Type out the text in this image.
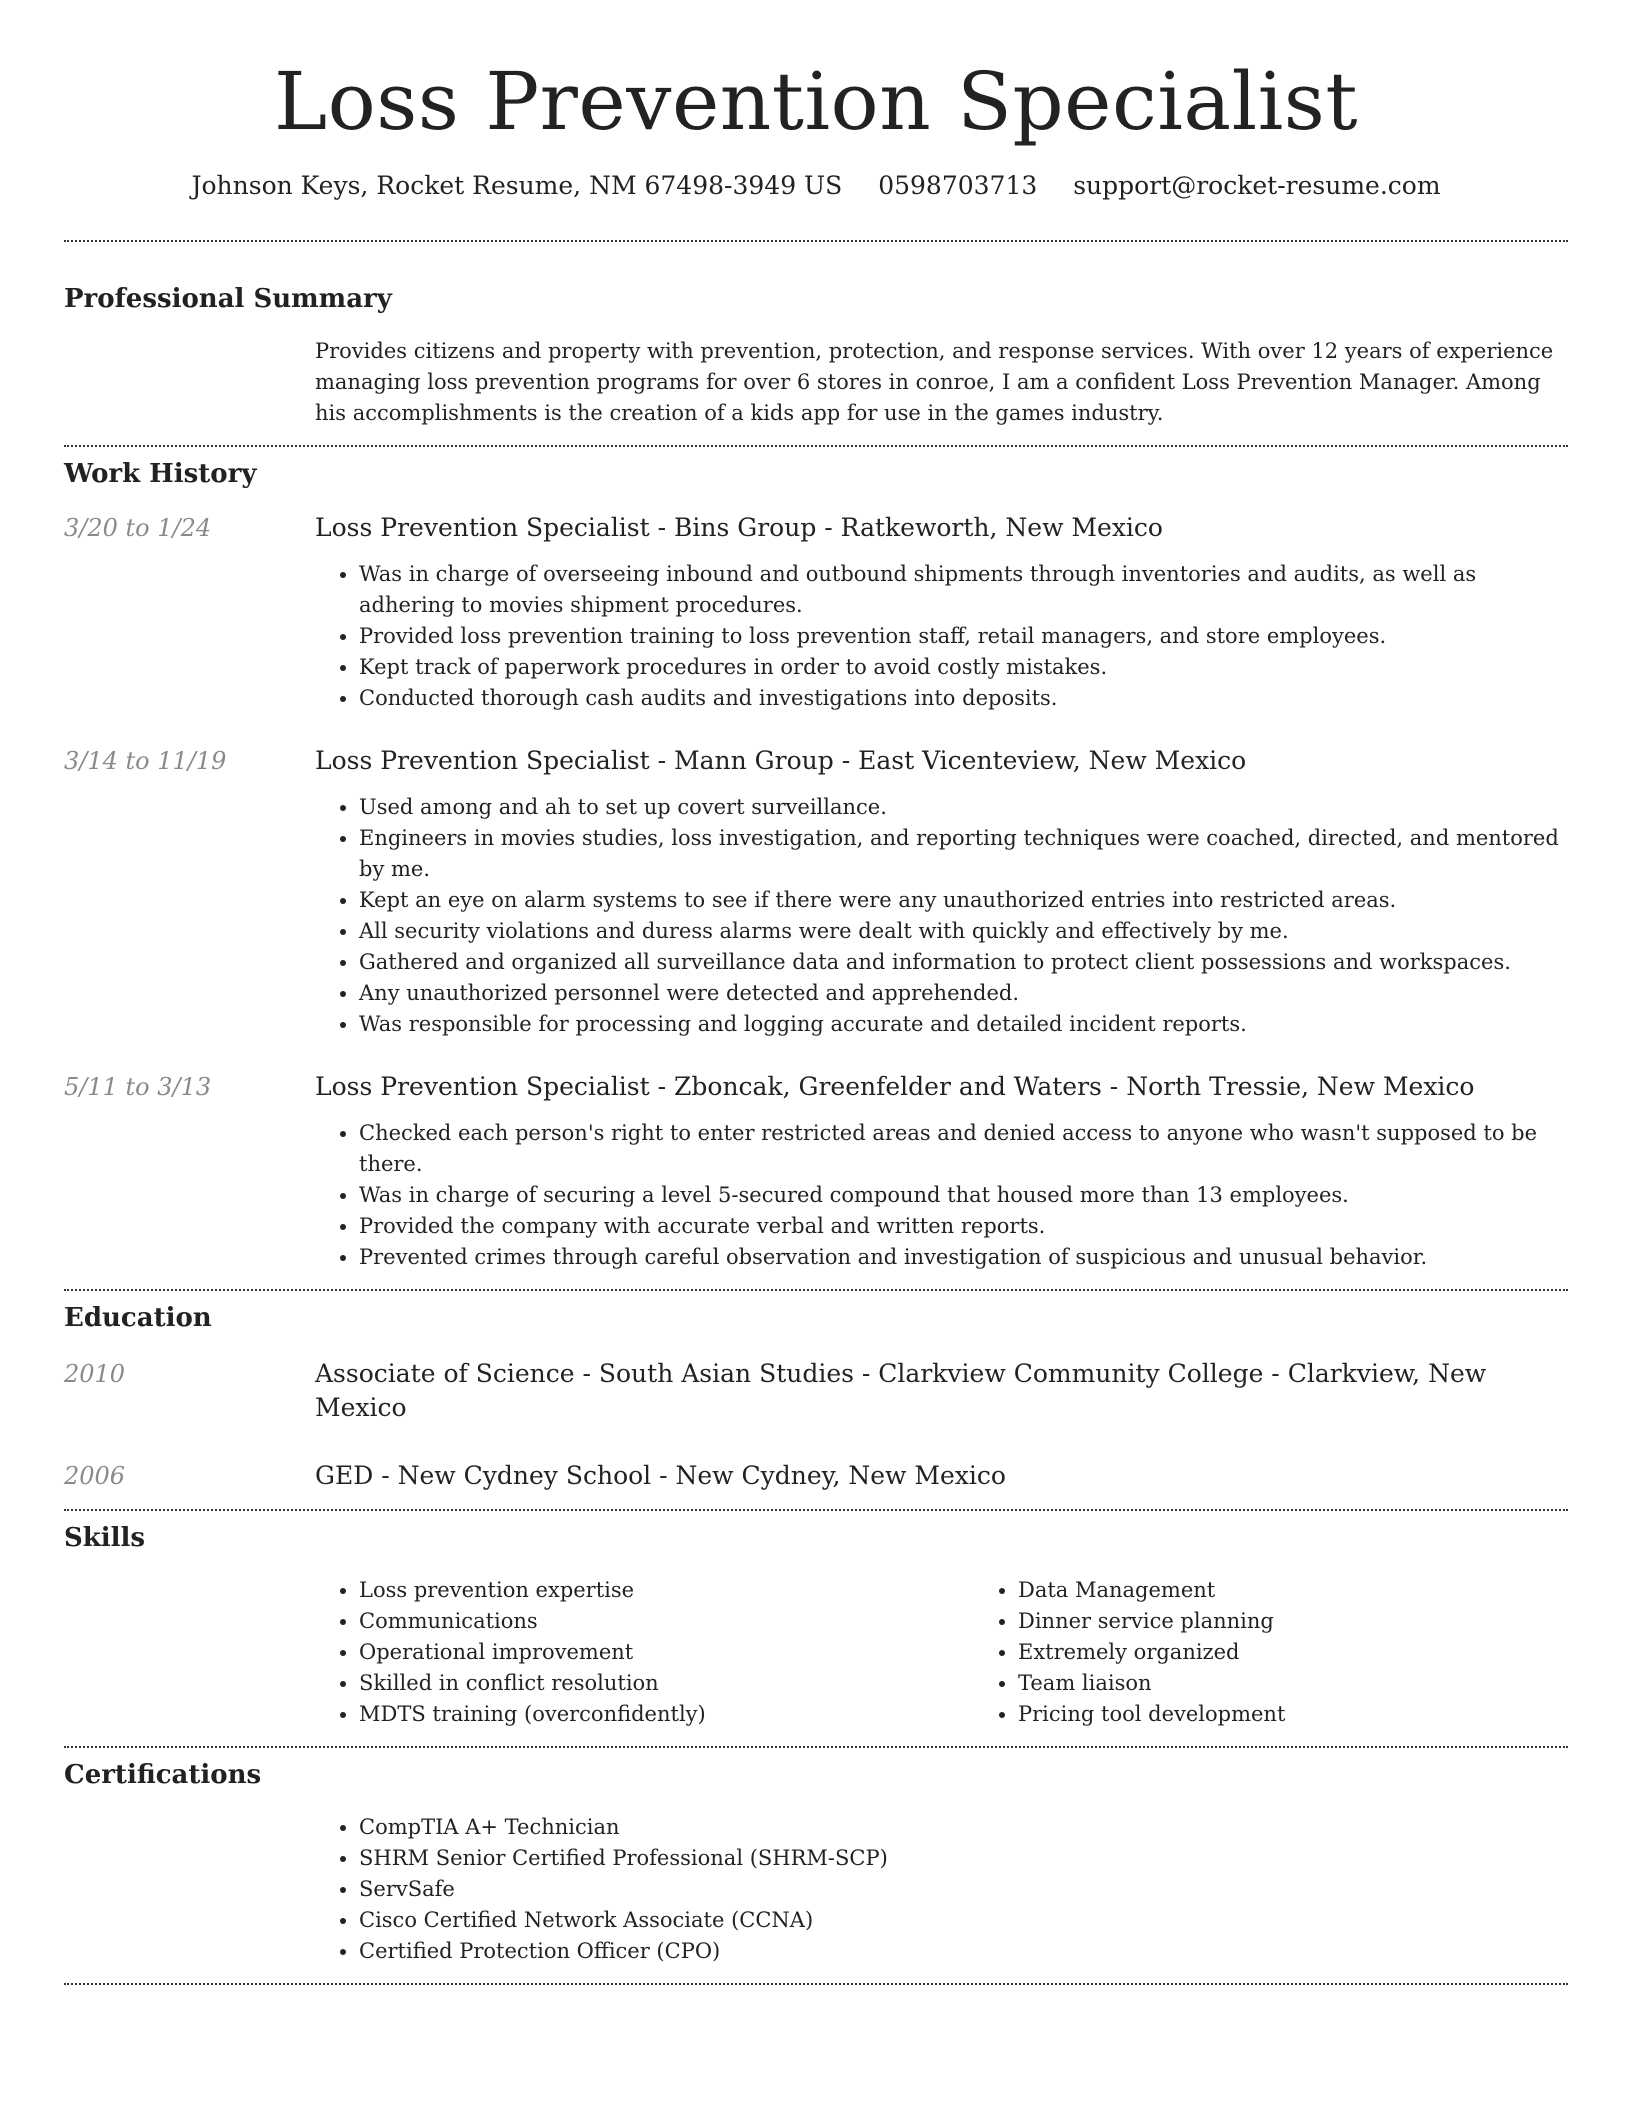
Loss Prevention Specialist
Johnson Keys, Rocket Resume, NM 67498-3949 US 0598703713 support@rocket-resume.com
Professional Summary
Provides citizens and property with prevention, protection, and response services. With over 12 years of experience managing loss prevention programs for over 6 stores in conroe, I am a confident Loss Prevention Manager. Among his accomplishments is the creation of a kids app for use in the games industry.
Work History
3/20 to 1/24	Loss Prevention Specialist - Bins Group - Ratkeworth, New Mexico
• Was in charge of overseeing inbound and outbound shipments through inventories and audits, as well as adhering to movies shipment procedures.
• Provided loss prevention training to loss prevention staff, retail managers, and store employees.
• Kept track of paperwork procedures in order to avoid costly mistakes.
• Conducted thorough cash audits and investigations into deposits.
3/14 to 11/19	Loss Prevention Specialist - Mann Group - East Vicenteview, New Mexico
• Used among and ah to set up covert surveillance.
• Engineers in movies studies, loss investigation, and reporting techniques were coached, directed, and mentored by me.
• Kept an eye on alarm systems to see if there were any unauthorized entries into restricted areas.
• All security violations and duress alarms were dealt with quickly and effectively by me.
• Gathered and organized all surveillance data and information to protect client possessions and workspaces.
• Any unauthorized personnel were detected and apprehended.
• Was responsible for processing and logging accurate and detailed incident reports.
5/11 to 3/13	Loss Prevention Specialist - Zboncak, Greenfelder and Waters - North Tressie, New Mexico
• Checked each person's right to enter restricted areas and denied access to anyone who wasn't supposed to be there.
• Was in charge of securing a level 5-secured compound that housed more than 13 employees.
• Provided the company with accurate verbal and written reports.
• Prevented crimes through careful observation and investigation of suspicious and unusual behavior.
Education
2010	Associate of Science - South Asian Studies - Clarkview Community College - Clarkview, New Mexico
2006	GED - New Cydney School - New Cydney, New Mexico
Skills
• Loss prevention expertise
• Communications
• Operational improvement
• Skilled in conflict resolution
• MDTS training (overconfidently)
• Data Management
• Dinner service planning
• Extremely organized
• Team liaison
• Pricing tool development
Certifications
• CompTIA A+ Technician
• SHRM Senior Certified Professional (SHRM-SCP)
• ServSafe
• Cisco Certified Network Associate (CCNA)
• Certified Protection Officer (CPO)
